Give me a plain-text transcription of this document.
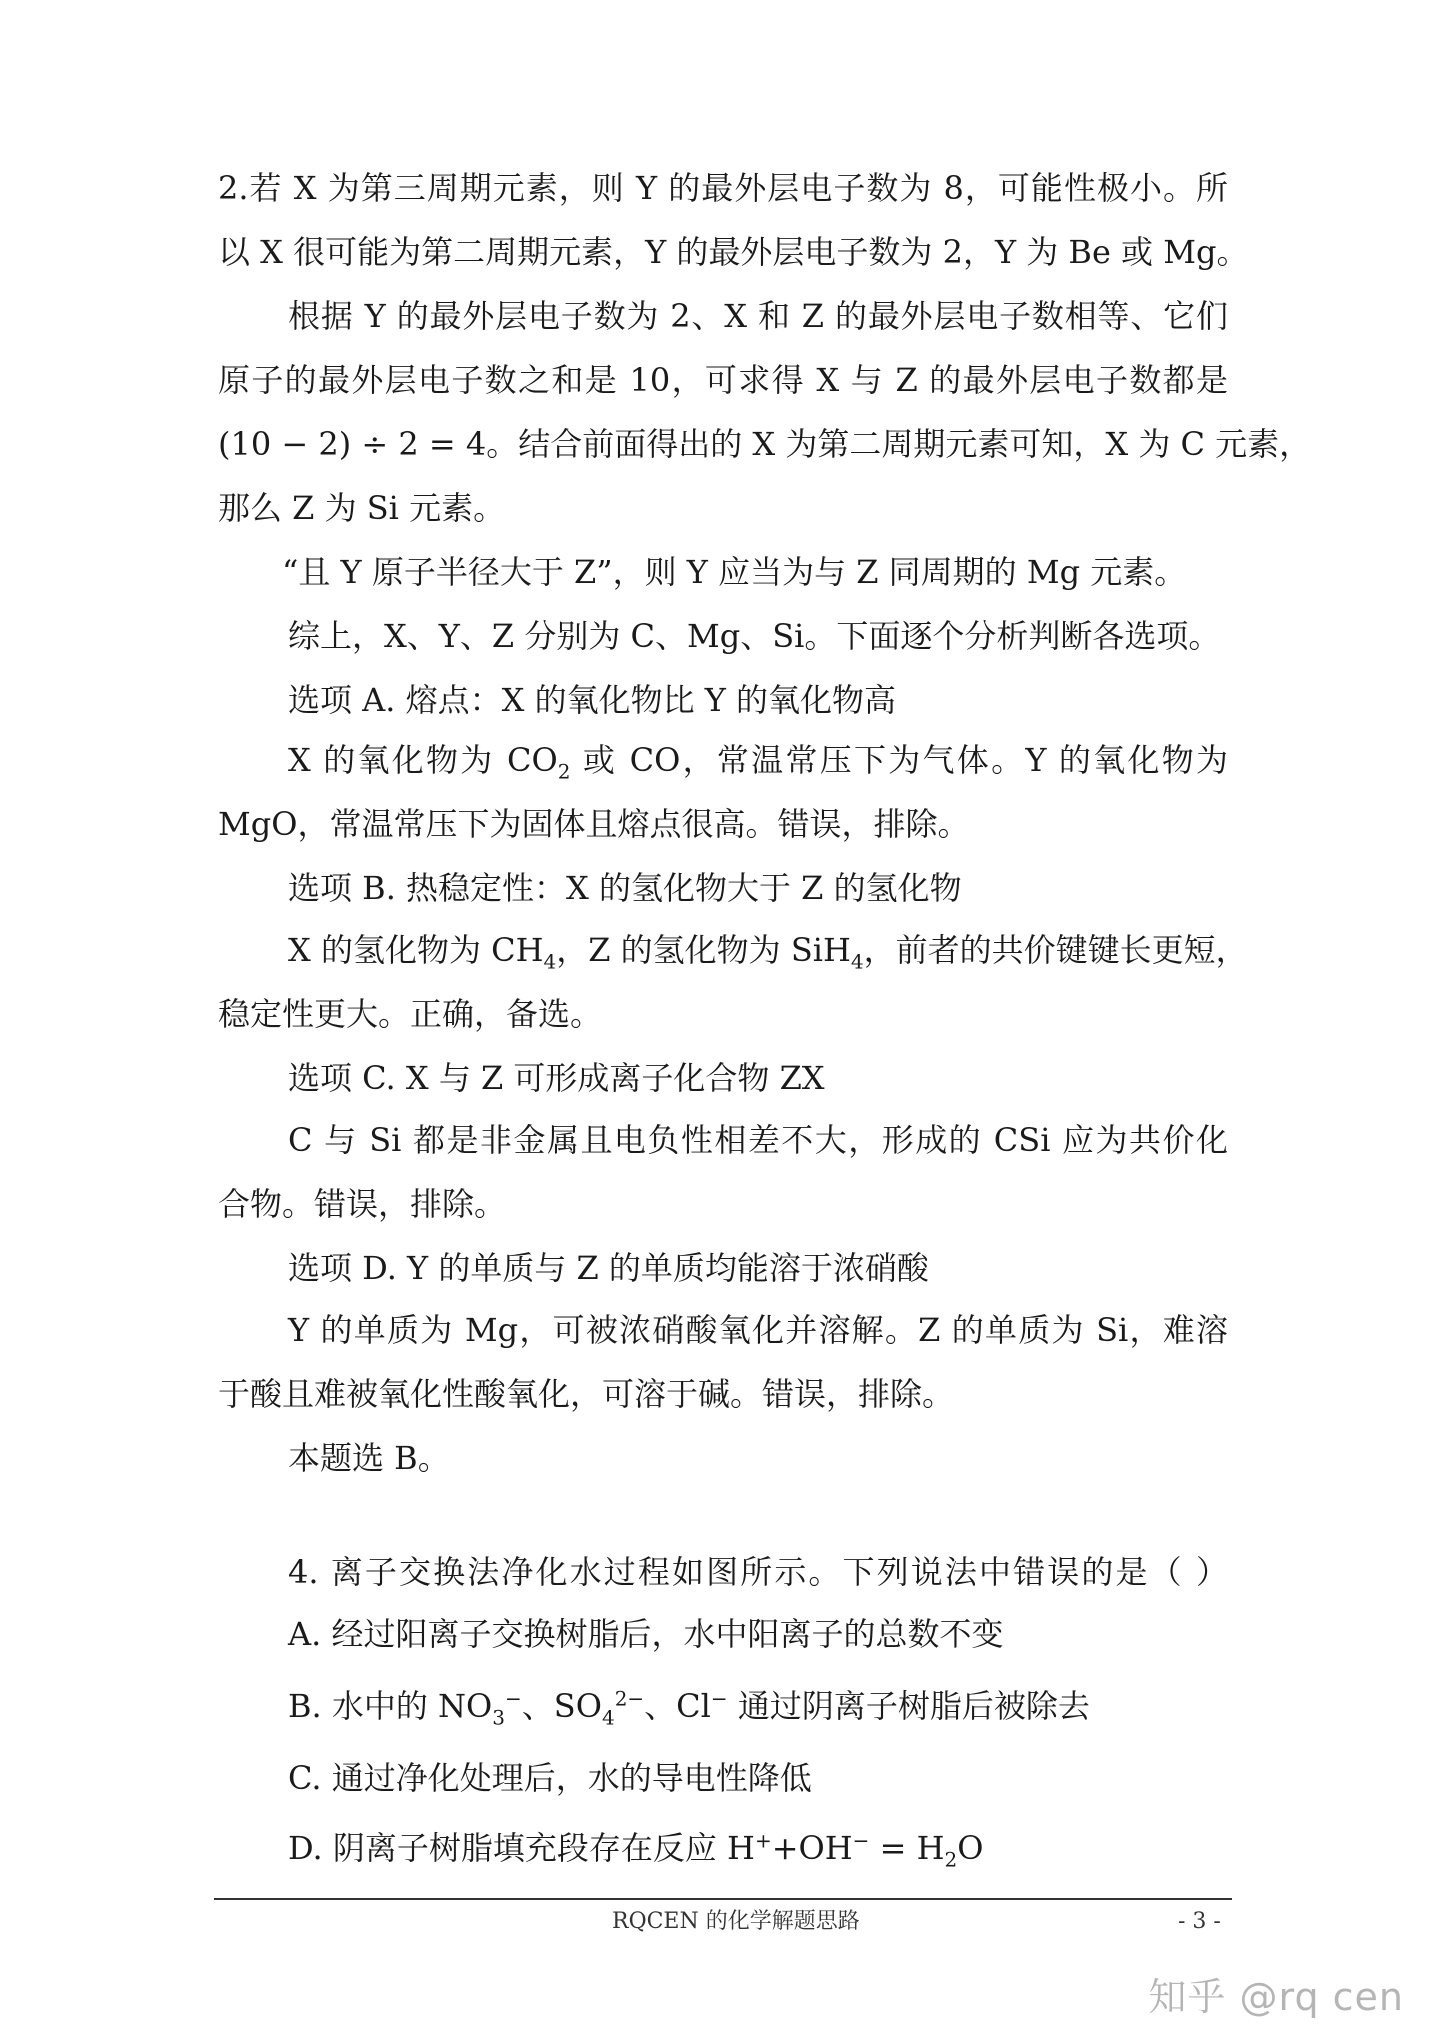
2.若 X 为第三周期元素，则 Y 的最外层电子数为 8，可能性极小。所
以 X 很可能为第二周期元素，Y 的最外层电子数为 2，Y 为 Be 或 Mg。
根据 Y 的最外层电子数为 2、X 和 Z 的最外层电子数相等、它们
原子的最外层电子数之和是 10，可求得 X 与 Z 的最外层电子数都是
(10 − 2) ÷ 2 = 4。结合前面得出的 X 为第二周期元素可知，X 为 C 元素，
那么 Z 为 Si 元素。
“且 Y 原子半径大于 Z”，则 Y 应当为与 Z 同周期的 Mg 元素。
综上，X、Y、Z 分别为 C、Mg、Si。下面逐个分析判断各选项。
选项 A. 熔点：X 的氧化物比 Y 的氧化物高
X 的氧化物为 $CO_2$ 或 CO，常温常压下为气体。Y 的氧化物为
MgO，常温常压下为固体且熔点很高。错误，排除。
选项 B. 热稳定性：X 的氢化物大于 Z 的氢化物
X 的氢化物为 $CH_4$，Z 的氢化物为 SiH$_4$，前者的共价键键长更短，
稳定性更大。正确，备选。
选项 C. X 与 Z 可形成离子化合物 ZX
C 与 Si 都是非金属且电负性相差不大，形成的 CSi 应为共价化
合物。错误，排除。
选项 D. Y 的单质与 Z 的单质均能溶于浓硝酸
Y 的单质为 Mg，可被浓硝酸氧化并溶解。Z 的单质为 Si，难溶
于酸且难被氧化性酸氧化，可溶于碱。错误，排除。
本题选 B。
4. 离子交换法净化水过程如图所示。下列说法中错误的是（ ）
A. 经过阳离子交换树脂后，水中阳离子的总数不变
B. 水中的 $NO_3^-$、$SO_4^{2-}$、Cl− 通过阴离子树脂后被除去
C. 通过净化处理后，水的导电性降低
D. 阴离子树脂填充段存在反应 $H^++OH^- = H_2O$
RQCEN 的化学解题思路	- 3 -
知乎 @rq cen
